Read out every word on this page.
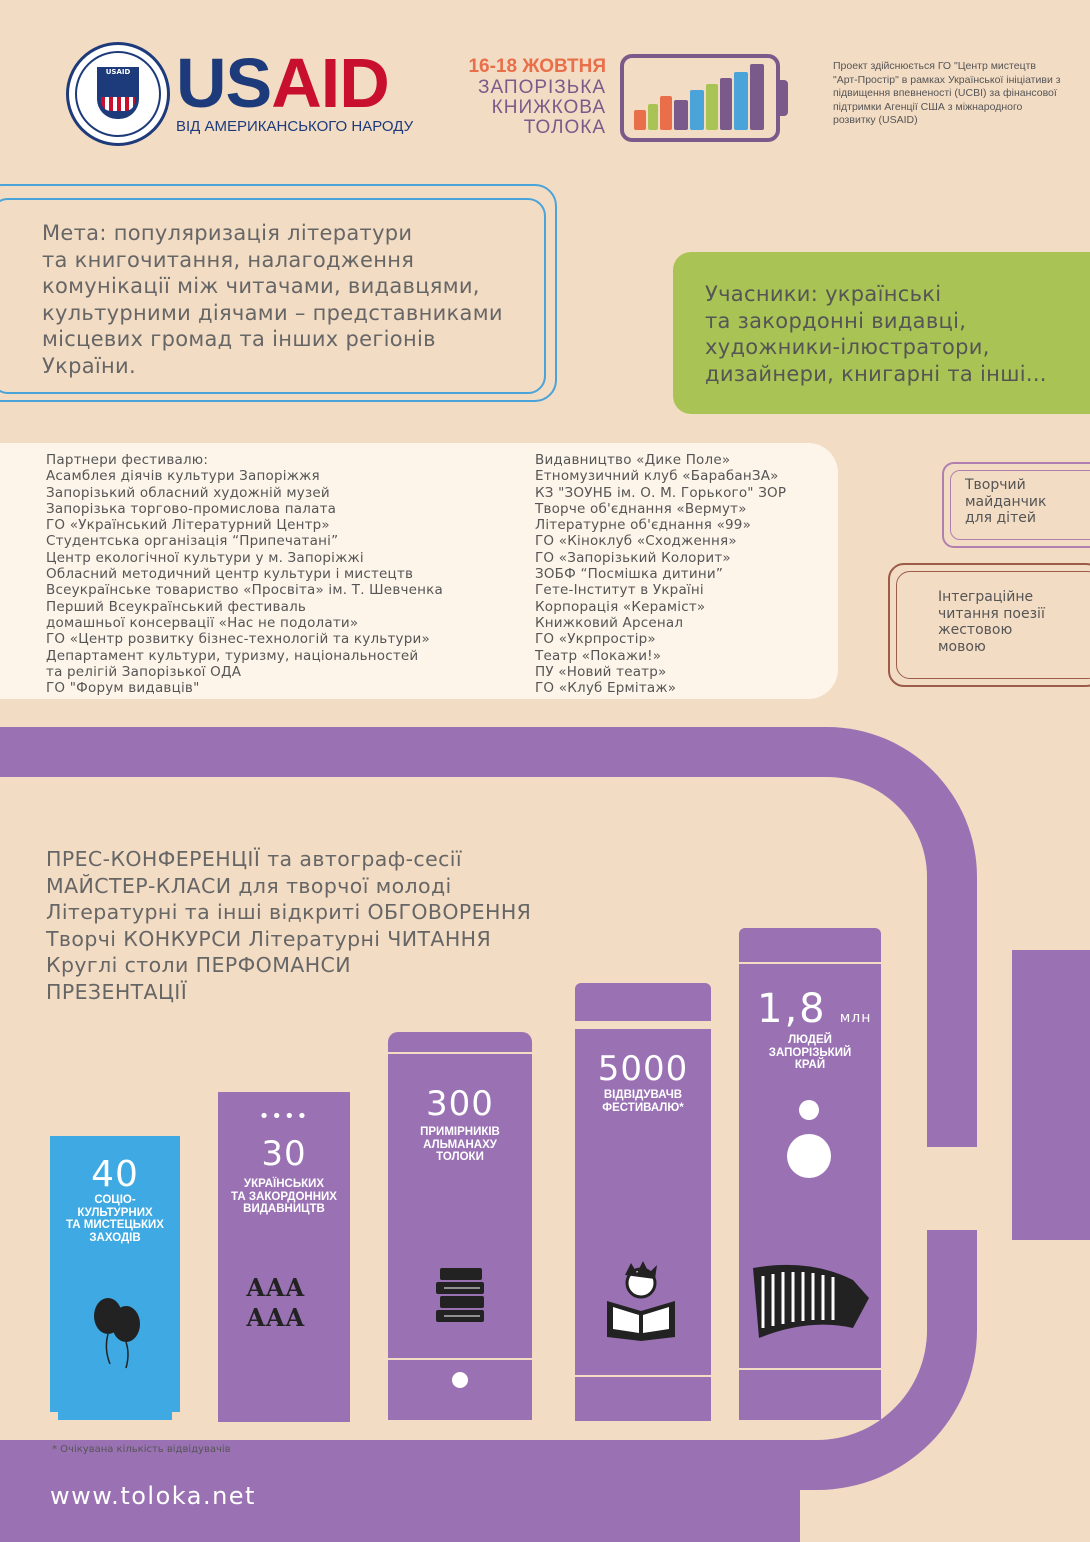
USAID USAID
ВІД АМЕРИКАНСЬКОГО НАРОДУ
16-18 ЖОВТНЯ
ЗАПОРІЗЬКА
КНИЖКОВА
ТОЛОКА
Проект здійснюється ГО "Центр мистецтв "Арт-Простір" в рамках Української ініціативи з підвищення впевненості (UCBI) за фінансової підтримки Агенції США з міжнародного розвитку (USAID)
Мета: популяризація літератури
та книгочитання, налагодження
комунікації між читачами, видавцями,
культурними діячами – представниками
місцевих громад та інших регіонів
України.
Учасники: українські
та закордонні видавці,
художники-ілюстратори,
дизайнери, книгарні та інші...
Партнери фестивалю:
Асамблея діячів культури Запоріжжя
Запорізький обласний художній музей
Запорізька торгово-промислова палата
ГО «Український Літературний Центр»
Студентська організація “Припечатані”
Центр екологічної культури у м. Запоріжжі
Обласний методичний центр культури і мистецтв
Всеукраїнське товариство «Просвіта» ім. Т. Шевченка
Перший Всеукраїнський фестиваль
домашньої консервації «Нас не подолати»
ГО «Центр розвитку бізнес-технологій та культури»
Департамент культури, туризму, національностей
та релігій Запорізької ОДА
ГО "Форум видавців"
Видавництво «Дике Поле»
Етномузичний клуб «БарабанЗА»
КЗ "ЗОУНБ ім. О. М. Горького" ЗОР
Творче об'єднання «Вермут»
Літературне об'єднання «99»
ГО «Кіноклуб «Сходження»
ГО «Запорізький Колорит»
ЗОБФ “Посмішка дитини”
Гете-Інститут в Україні
Корпорація «Кераміст»
Книжковий Арсенал
ГО «Укрпростір»
Театр «Покажи!»
ПУ «Новий театр»
ГО «Клуб Ермітаж»
Творчий
майданчик
для дітей
Інтеграційне
читання поезії
жестовою
мовою
ПРЕС-КОНФЕРЕНЦІЇ та автограф-сесії
МАЙСТЕР-КЛАСИ для творчої молоді
Літературні та інші відкриті ОБГОВОРЕННЯ
Творчі КОНКУРСИ Літературні ЧИТАННЯ
Круглі столи ПЕРФОМАНСИ
ПРЕЗЕНТАЦІЇ
40
СОЦІО-
КУЛЬТУРНИХ
ТА МИСТЕЦЬКИХ
ЗАХОДІВ
••••
30
УКРАЇНСЬКИХ
ТА ЗАКОРДОННИХ
ВИДАВНИЦТВ
ААА
ААА
300
ПРИМІРНИКІВ
АЛЬМАНАХУ
ТОЛОКИ
5000
ВІДВІДУВАЧВ
ФЕСТИВАЛЮ*
1,8 млн
ЛЮДЕЙ
ЗАПОРІЗЬКИЙ
КРАЙ
* Очікувана кількість відвідувачів
www.toloka.net
